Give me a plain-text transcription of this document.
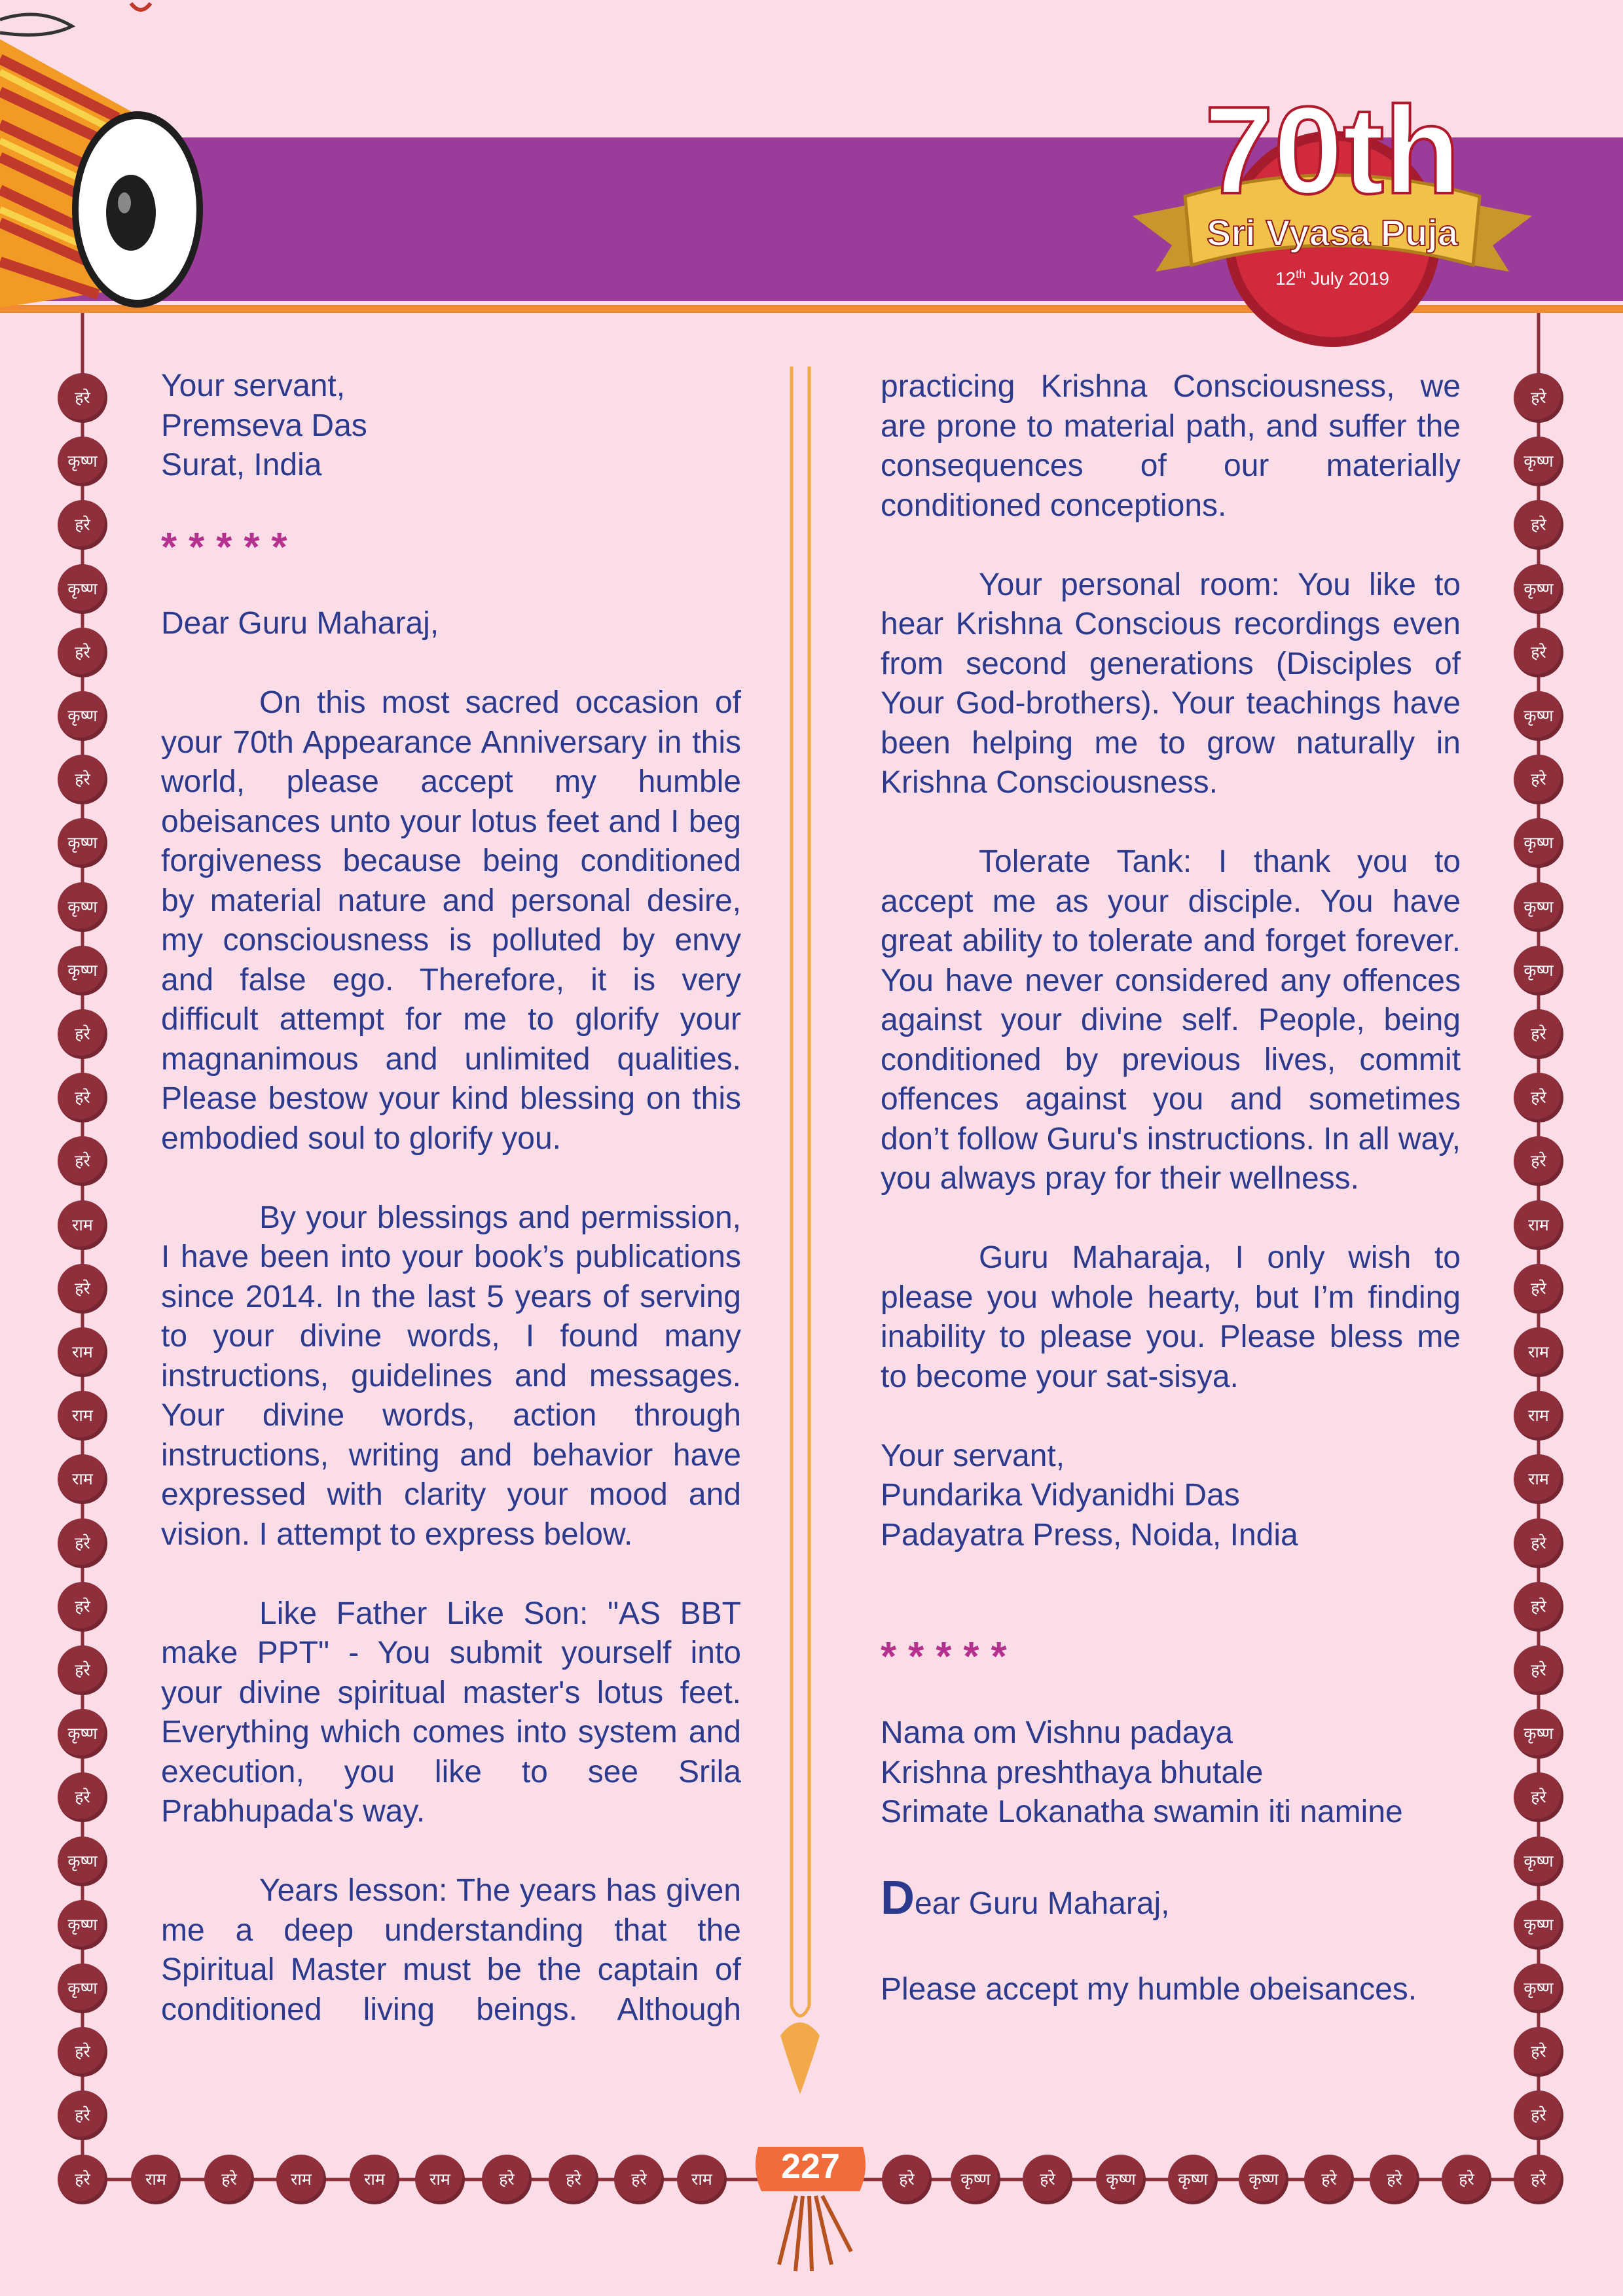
70th
Sri Vyasa Puja
12th July 2019
हरे
कृष्ण
हरे
कृष्ण
हरे
कृष्ण
हरे
कृष्ण
कृष्ण
कृष्ण
हरे
हरे
हरे
राम
हरे
राम
राम
राम
हरे
हरे
हरे
कृष्ण
हरे
कृष्ण
कृष्ण
कृष्ण
हरे
हरे
हरे
कृष्ण
हरे
कृष्ण
हरे
कृष्ण
हरे
कृष्ण
कृष्ण
कृष्ण
हरे
हरे
हरे
राम
हरे
राम
राम
राम
हरे
हरे
हरे
कृष्ण
हरे
कृष्ण
कृष्ण
कृष्ण
हरे
हरे
हरे	राम	हरे	राम	राम	राम	हरे	हरे	हरे	राम	हरे	कृष्ण	हरे	कृष्ण	कृष्ण	कृष्ण	हरे	हरे	हरे	हरे
227

Your servant,

Premseva Das

Surat, India

*****

Dear Guru Maharaj,

On this most sacred occasion of your 70th Appearance Anniversary in this world, please accept my humble obeisances unto your lotus feet and I beg forgiveness because being conditioned by material nature and personal desire, my consciousness is polluted by envy and false ego. Therefore, it is very difficult attempt for me to glorify your magnanimous and unlimited qualities. Please bestow your kind blessing on this embodied soul to glorify you.

By your blessings and permission, I have been into your book’s publications since 2014. In the last 5 years of serving to your divine words, I found many instructions, guidelines and messages. Your divine words, action through instructions, writing and behavior have expressed with clarity your mood and vision. I attempt to express below.

Like Father Like Son: "AS BBT make PPT" - You submit yourself into your divine spiritual master's lotus feet. Everything which comes into system and execution, you like to see Srila Prabhupada's way.

Years lesson: The years has given me a deep understanding that the Spiritual Master must be the captain of conditioned living beings. Although

practicing Krishna Consciousness, we are prone to material path, and suffer the consequences of our materially conditioned conceptions.

Your personal room: You like to hear Krishna Conscious recordings even from second generations (Disciples of Your God-brothers). Your teachings have been helping me to grow naturally in Krishna Consciousness.

Tolerate Tank: I thank you to accept me as your disciple. You have great ability to tolerate and forget forever. You have never considered any offences against your divine self. People, being conditioned by previous lives, commit offences against you and sometimes don’t follow Guru's instructions. In all way, you always pray for their wellness.

Guru Maharaja, I only wish to please you whole hearty, but I’m finding inability to please you. Please bless me to become your sat-sisya.

Your servant,

Pundarika Vidyanidhi Das

Padayatra Press, Noida, India

*****

Nama om Vishnu padaya

Krishna preshthaya bhutale

Srimate Lokanatha swamin iti namine

Dear Guru Maharaj,

Please accept my humble obeisances.
